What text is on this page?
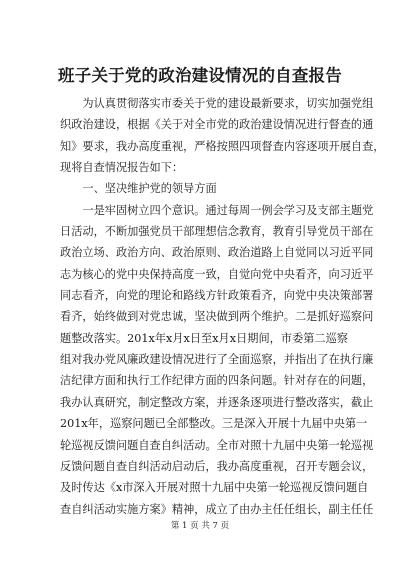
班子关于党的政治建设情况的自查报告
　　为认真贯彻落实市委关于党的建设最新要求，切实加强党组
织政治建设，根据《关于对全市党的政治建设情况进行督查的通
知》要求，我办高度重视，严格按照四项督查内容逐项开展自查，
现将自查情况报告如下：
　　一、坚决维护党的领导方面
　　一是牢固树立四个意识。通过每周一例会学习及支部主题党
日活动，不断加强党员干部理想信念教育，教育引导党员干部在
政治立场、政治方向、政治原则、政治道路上自觉同以习近平同
志为核心的党中央保持高度一致，自觉向党中央看齐，向习近平
同志看齐，向党的理论和路线方针政策看齐，向党中央决策部署
看齐，始终做到对党忠诚，坚决做到两个维护。二是抓好巡察问
题整改落实。201x年x月x日至x月x日期间，市委第二巡察
组对我办党风廉政建设情况进行了全面巡察，并指出了在执行廉
洁纪律方面和执行工作纪律方面的四条问题。针对存在的问题，
我办认真研究，制定整改方案，并逐条逐项进行整改落实，截止
201x年，巡察问题已全部整改。三是深入开展十九届中央第一
轮巡视反馈问题自查自纠活动。全市对照十九届中央第一轮巡视
反馈问题自查自纠活动启动后，我办高度重视，召开专题会议，
及时传达《x市深入开展对照十九届中央第一轮巡视反馈问题自
查自纠活动实施方案》精神，成立了由办主任任组长，副主任任
第 1 页 共 7 页
